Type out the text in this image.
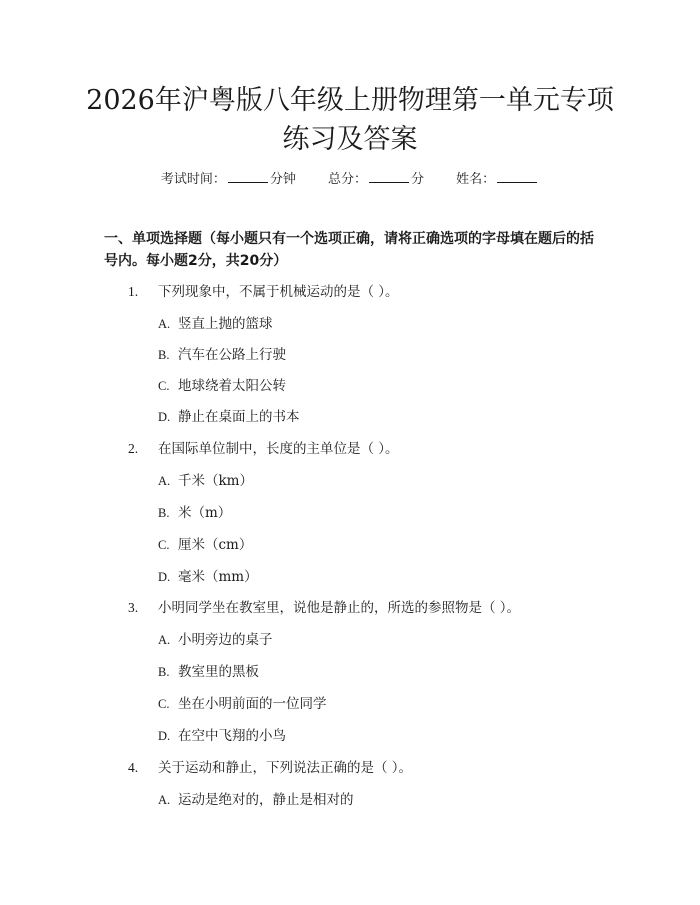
2026年沪粤版八年级上册物理第一单元专项
练习及答案
考试时间：	分钟 总分：	分 姓名：
一、单项选择题（每小题只有一个选项正确，请将正确选项的字母填在题后的括号内。每小题2分，共20分）
1. 下列现象中，不属于机械运动的是（ ）。
A. 竖直上抛的篮球
B. 汽车在公路上行驶
C. 地球绕着太阳公转
D. 静止在桌面上的书本
2. 在国际单位制中，长度的主单位是（ ）。
A. 千米（km）
B. 米（m）
C. 厘米（cm）
D. 毫米（mm）
3. 小明同学坐在教室里，说他是静止的，所选的参照物是（ ）。
A. 小明旁边的桌子
B. 教室里的黑板
C. 坐在小明前面的一位同学
D. 在空中飞翔的小鸟
4. 关于运动和静止，下列说法正确的是（ ）。
A. 运动是绝对的，静止是相对的
